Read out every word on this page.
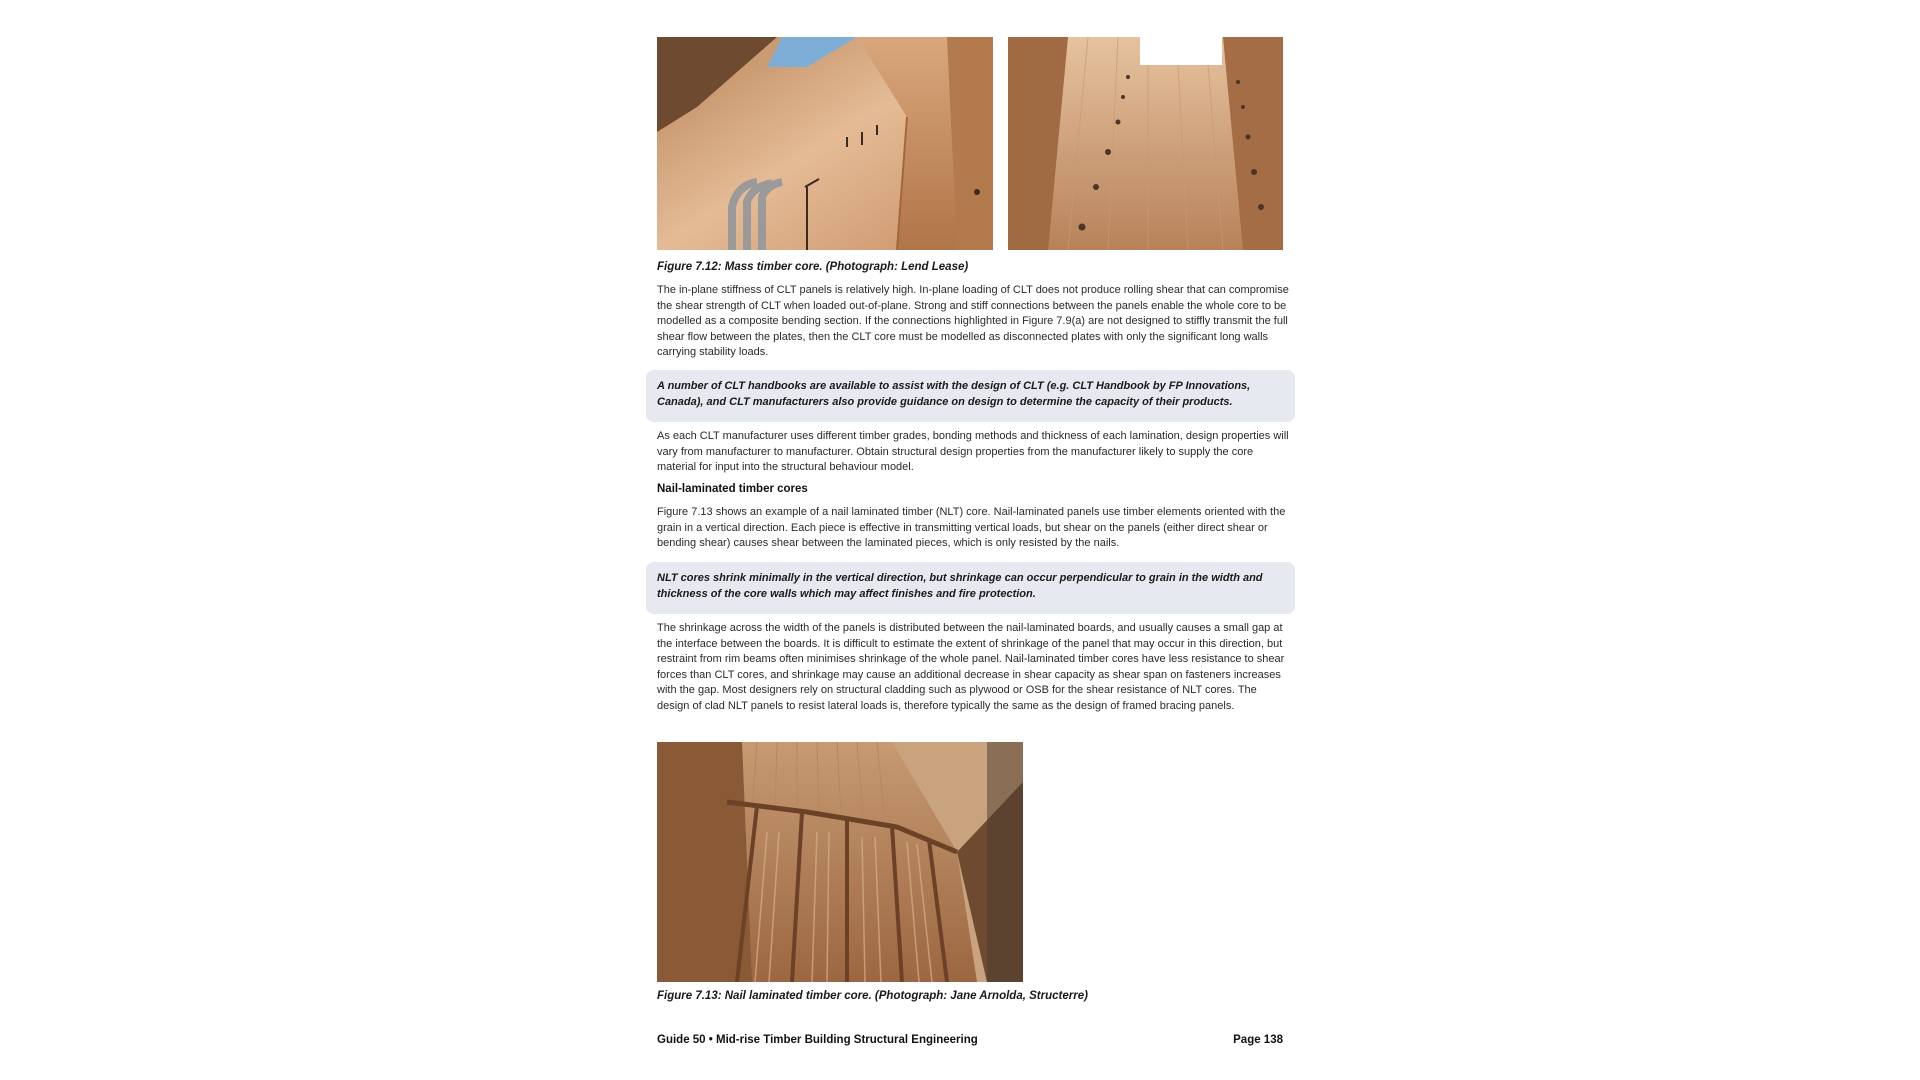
Figure 7.12: Mass timber core. (Photograph: Lend Lease)

The in-plane stiffness of CLT panels is relatively high. In-plane loading of CLT does not produce rolling shear that can compromise the shear strength of CLT when loaded out-of-plane. Strong and stiff connections between the panels enable the whole core to be modelled as a composite bending section. If the connections highlighted in Figure 7.9(a) are not designed to stiffly transmit the full shear flow between the plates, then the CLT core must be modelled as disconnected plates with only the significant long walls carrying stability loads.

A number of CLT handbooks are available to assist with the design of CLT (e.g. CLT Handbook by FP Innovations, Canada), and CLT manufacturers also provide guidance on design to determine the capacity of their products.

As each CLT manufacturer uses different timber grades, bonding methods and thickness of each lamination, design properties will vary from manufacturer to manufacturer. Obtain structural design properties from the manufacturer likely to supply the core material for input into the structural behaviour model.

Nail-laminated timber cores

Figure 7.13 shows an example of a nail laminated timber (NLT) core. Nail-laminated panels use timber elements oriented with the grain in a vertical direction. Each piece is effective in transmitting vertical loads, but shear on the panels (either direct shear or bending shear) causes shear between the laminated pieces, which is only resisted by the nails.

NLT cores shrink minimally in the vertical direction, but shrinkage can occur perpendicular to grain in the width and thickness of the core walls which may affect finishes and fire protection.

The shrinkage across the width of the panels is distributed between the nail-laminated boards, and usually causes a small gap at the interface between the boards. It is difficult to estimate the extent of shrinkage of the panel that may occur in this direction, but restraint from rim beams often minimises shrinkage of the whole panel. Nail-laminated timber cores have less resistance to shear forces than CLT cores, and shrinkage may cause an additional decrease in shear capacity as shear span on fasteners increases with the gap. Most designers rely on structural cladding such as plywood or OSB for the shear resistance of NLT cores. The design of clad NLT panels to resist lateral loads is, therefore typically the same as the design of framed bracing panels.

Figure 7.13: Nail laminated timber core. (Photograph: Jane Arnolda, Structerre)
Guide 50 • Mid-rise Timber Building Structural Engineering	Page 138
